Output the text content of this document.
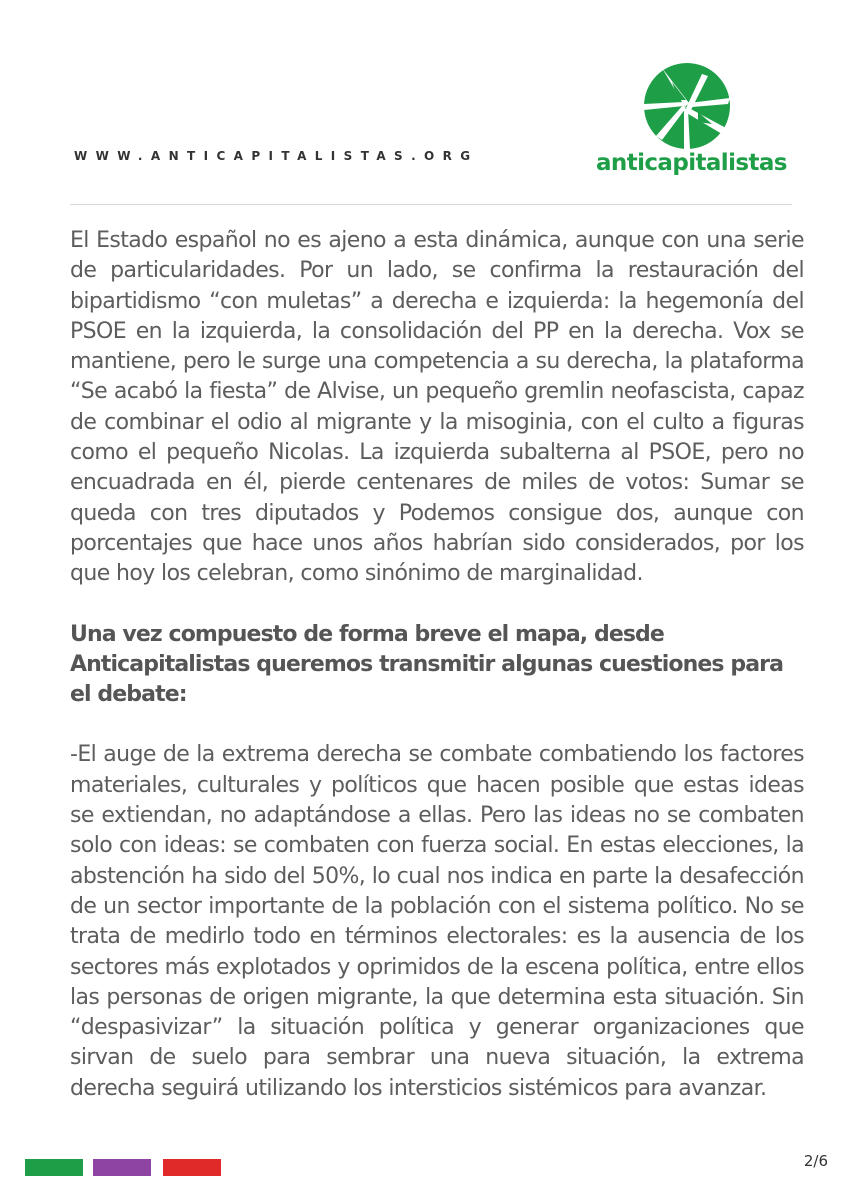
WWW.ANTICAPITALISTAS.ORG	anticapitalistas

El Estado español no es ajeno a esta dinámica, aunque con una serie de particularidades. Por un lado, se confirma la restauración del bipartidismo “con muletas” a derecha e izquierda: la hegemonía del PSOE en la izquierda, la consolidación del PP en la derecha. Vox se mantiene, pero le surge una competencia a su derecha, la plataforma “Se acabó la fiesta” de Alvise, un pequeño gremlin neofascista, capaz de combinar el odio al migrante y la misoginia, con el culto a figuras como el pequeño Nicolas. La izquierda subalterna al PSOE, pero no encuadrada en él, pierde centenares de miles de votos: Sumar se queda con tres diputados y Podemos consigue dos, aunque con porcentajes que hace unos años habrían sido considerados, por los que hoy los celebran, como sinónimo de marginalidad.

Una vez compuesto de forma breve el mapa, desde Anticapitalistas queremos transmitir algunas cuestiones para el debate:

-El auge de la extrema derecha se combate combatiendo los factores materiales, culturales y políticos que hacen posible que estas ideas se extiendan, no adaptándose a ellas. Pero las ideas no se combaten solo con ideas: se combaten con fuerza social. En estas elecciones, la abstención ha sido del 50%, lo cual nos indica en parte la desafección de un sector importante de la población con el sistema político. No se trata de medirlo todo en términos electorales: es la ausencia de los sectores más explotados y oprimidos de la escena política, entre ellos las personas de origen migrante, la que determina esta situación. Sin “despasivizar” la situación política y generar organizaciones que sirvan de suelo para sembrar una nueva situación, la extrema derecha seguirá utilizando los intersticios sistémicos para avanzar.

2/6
